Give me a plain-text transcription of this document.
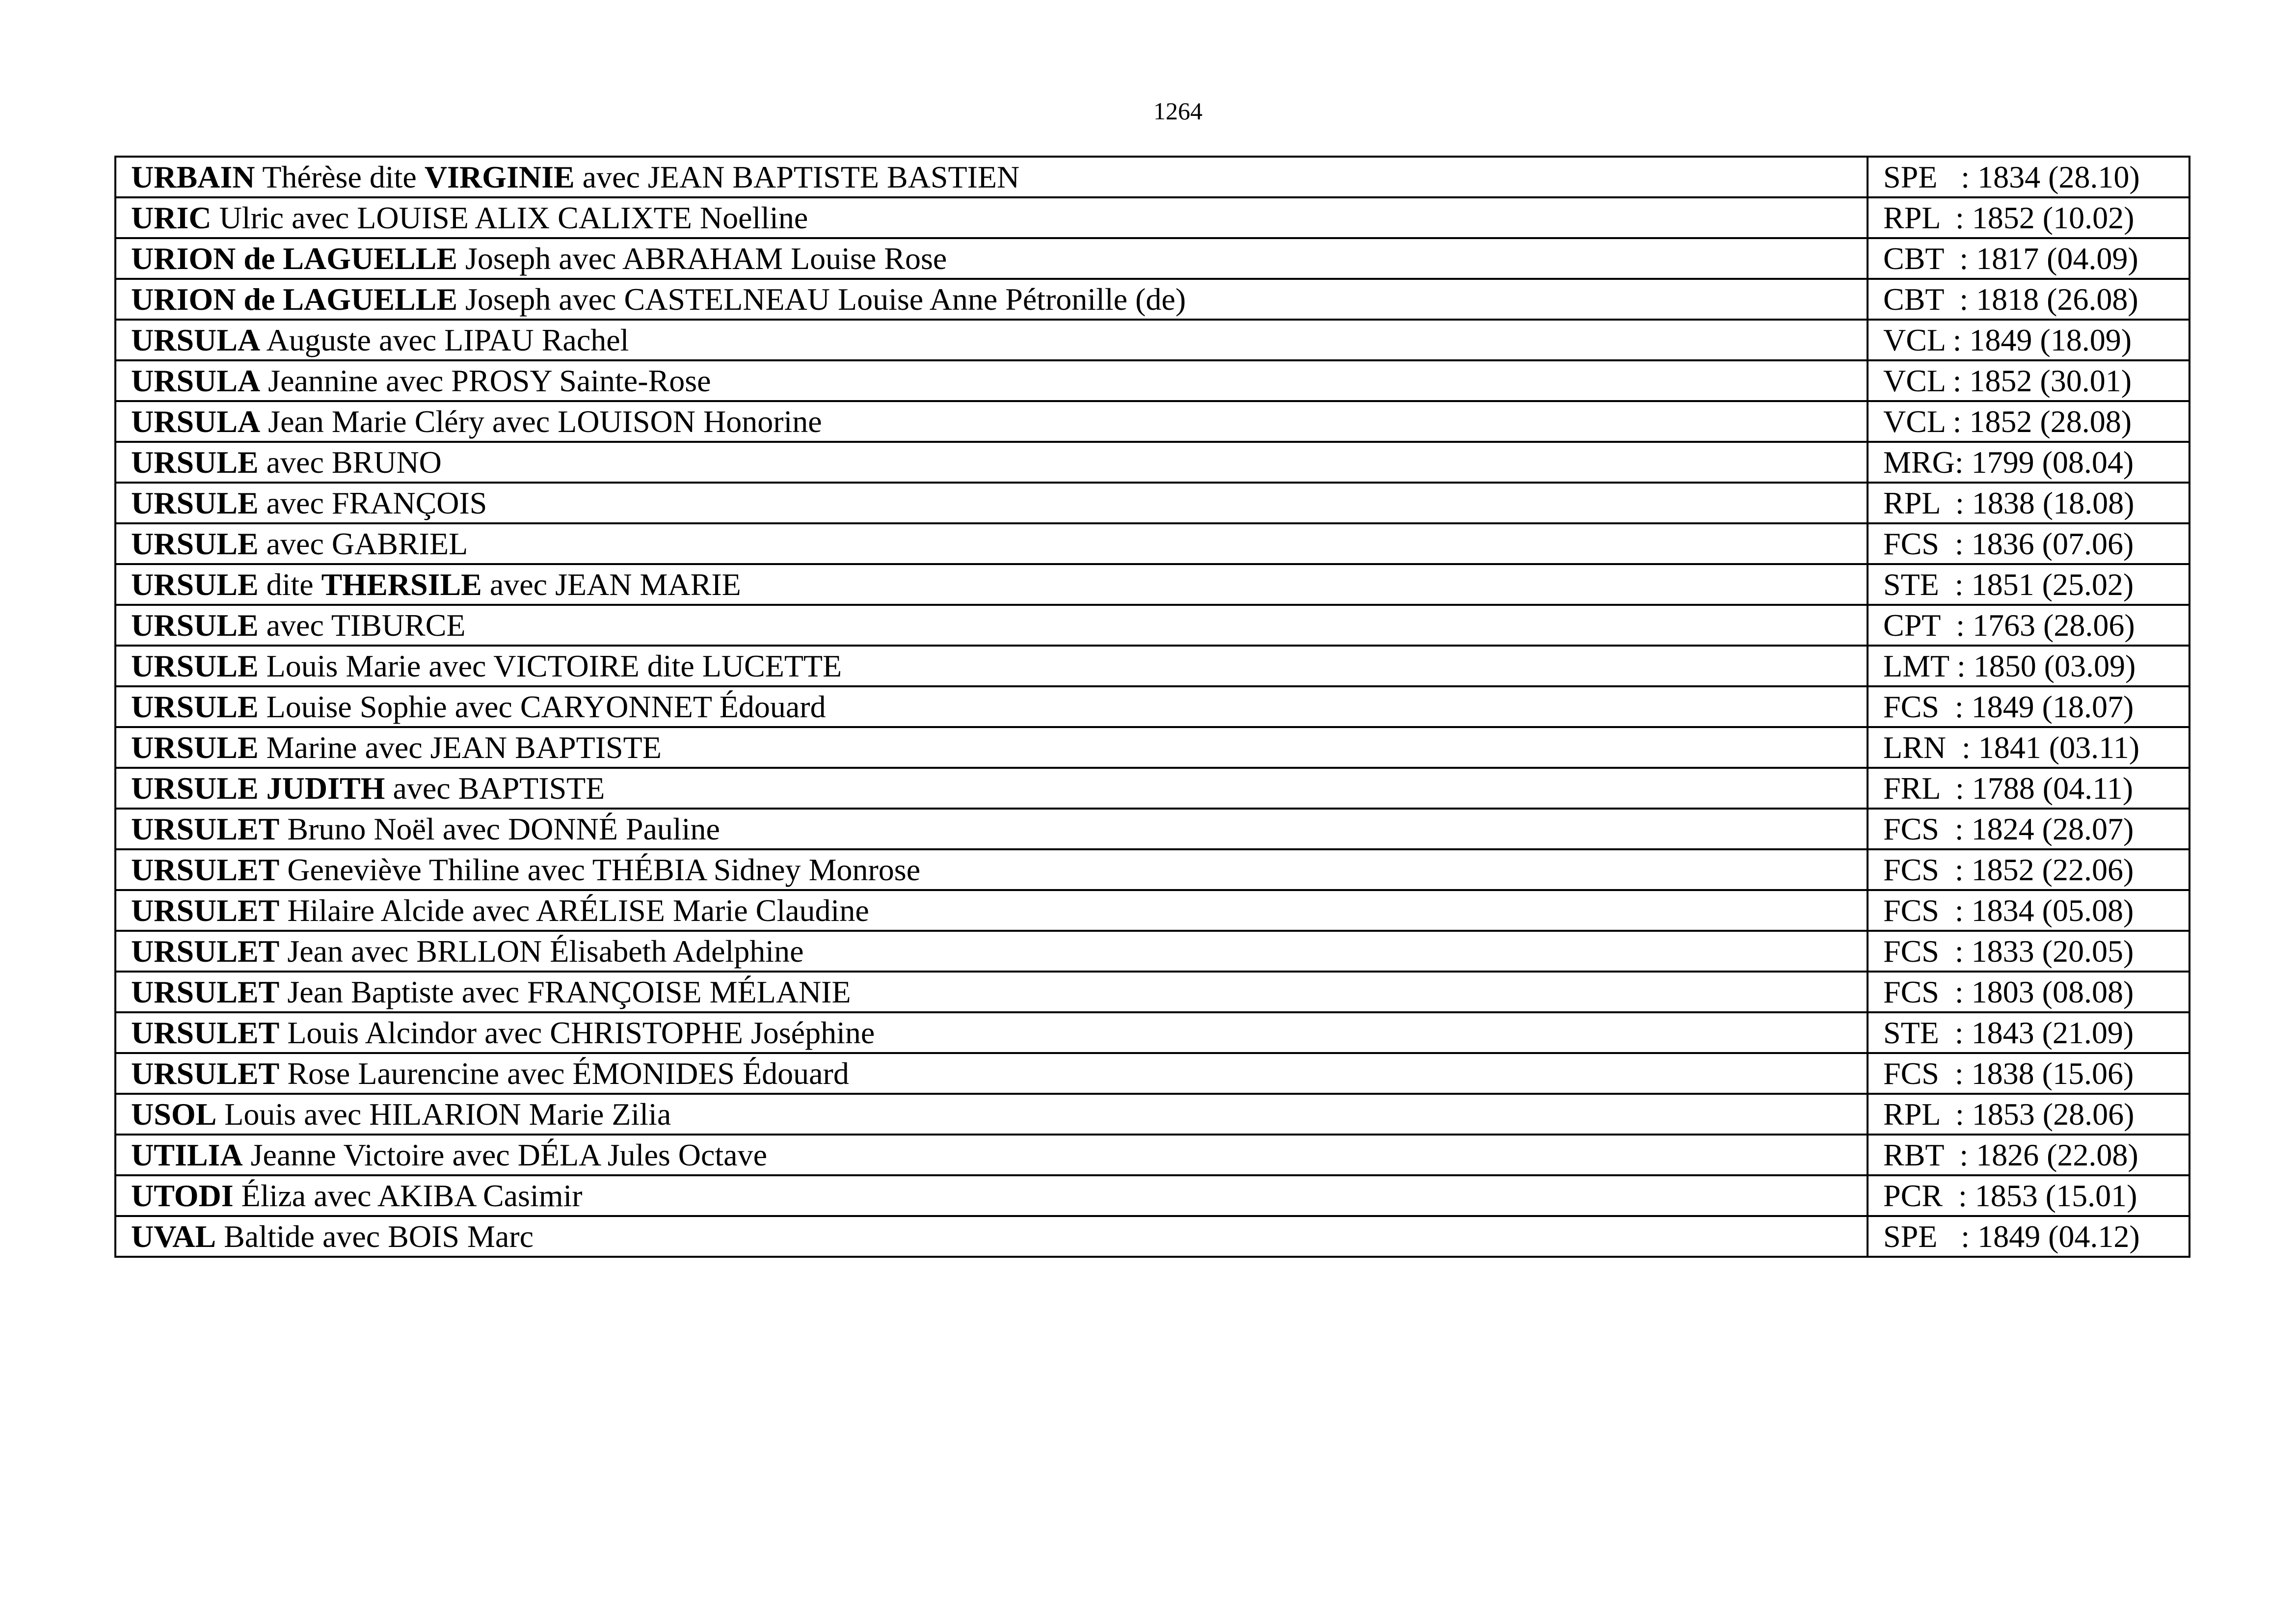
1264
URBAIN Thérèse dite VIRGINIE avec JEAN BAPTISTE BASTIEN	SPE   : 1834 (28.10)
URIC Ulric avec LOUISE ALIX CALIXTE Noelline	RPL  : 1852 (10.02)
URION de LAGUELLE Joseph avec ABRAHAM Louise Rose	CBT  : 1817 (04.09)
URION de LAGUELLE Joseph avec CASTELNEAU Louise Anne Pétronille (de)	CBT  : 1818 (26.08)
URSULA Auguste avec LIPAU Rachel	VCL : 1849 (18.09)
URSULA Jeannine avec PROSY Sainte-Rose	VCL : 1852 (30.01)
URSULA Jean Marie Cléry avec LOUISON Honorine	VCL : 1852 (28.08)
URSULE avec BRUNO	MRG: 1799 (08.04)
URSULE avec FRANÇOIS	RPL  : 1838 (18.08)
URSULE avec GABRIEL	FCS  : 1836 (07.06)
URSULE dite THERSILE avec JEAN MARIE	STE  : 1851 (25.02)
URSULE avec TIBURCE	CPT  : 1763 (28.06)
URSULE Louis Marie avec VICTOIRE dite LUCETTE	LMT : 1850 (03.09)
URSULE Louise Sophie avec CARYONNET Édouard	FCS  : 1849 (18.07)
URSULE Marine avec JEAN BAPTISTE	LRN  : 1841 (03.11)
URSULE JUDITH avec BAPTISTE	FRL  : 1788 (04.11)
URSULET Bruno Noël avec DONNÉ Pauline	FCS  : 1824 (28.07)
URSULET Geneviève Thiline avec THÉBIA Sidney Monrose	FCS  : 1852 (22.06)
URSULET Hilaire Alcide avec ARÉLISE Marie Claudine	FCS  : 1834 (05.08)
URSULET Jean avec BRLLON Élisabeth Adelphine	FCS  : 1833 (20.05)
URSULET Jean Baptiste avec FRANÇOISE MÉLANIE	FCS  : 1803 (08.08)
URSULET Louis Alcindor avec CHRISTOPHE Joséphine	STE  : 1843 (21.09)
URSULET Rose Laurencine avec ÉMONIDES Édouard	FCS  : 1838 (15.06)
USOL Louis avec HILARION Marie Zilia	RPL  : 1853 (28.06)
UTILIA Jeanne Victoire avec DÉLA Jules Octave	RBT  : 1826 (22.08)
UTODI Éliza avec AKIBA Casimir	PCR  : 1853 (15.01)
UVAL Baltide avec BOIS Marc	SPE   : 1849 (04.12)
